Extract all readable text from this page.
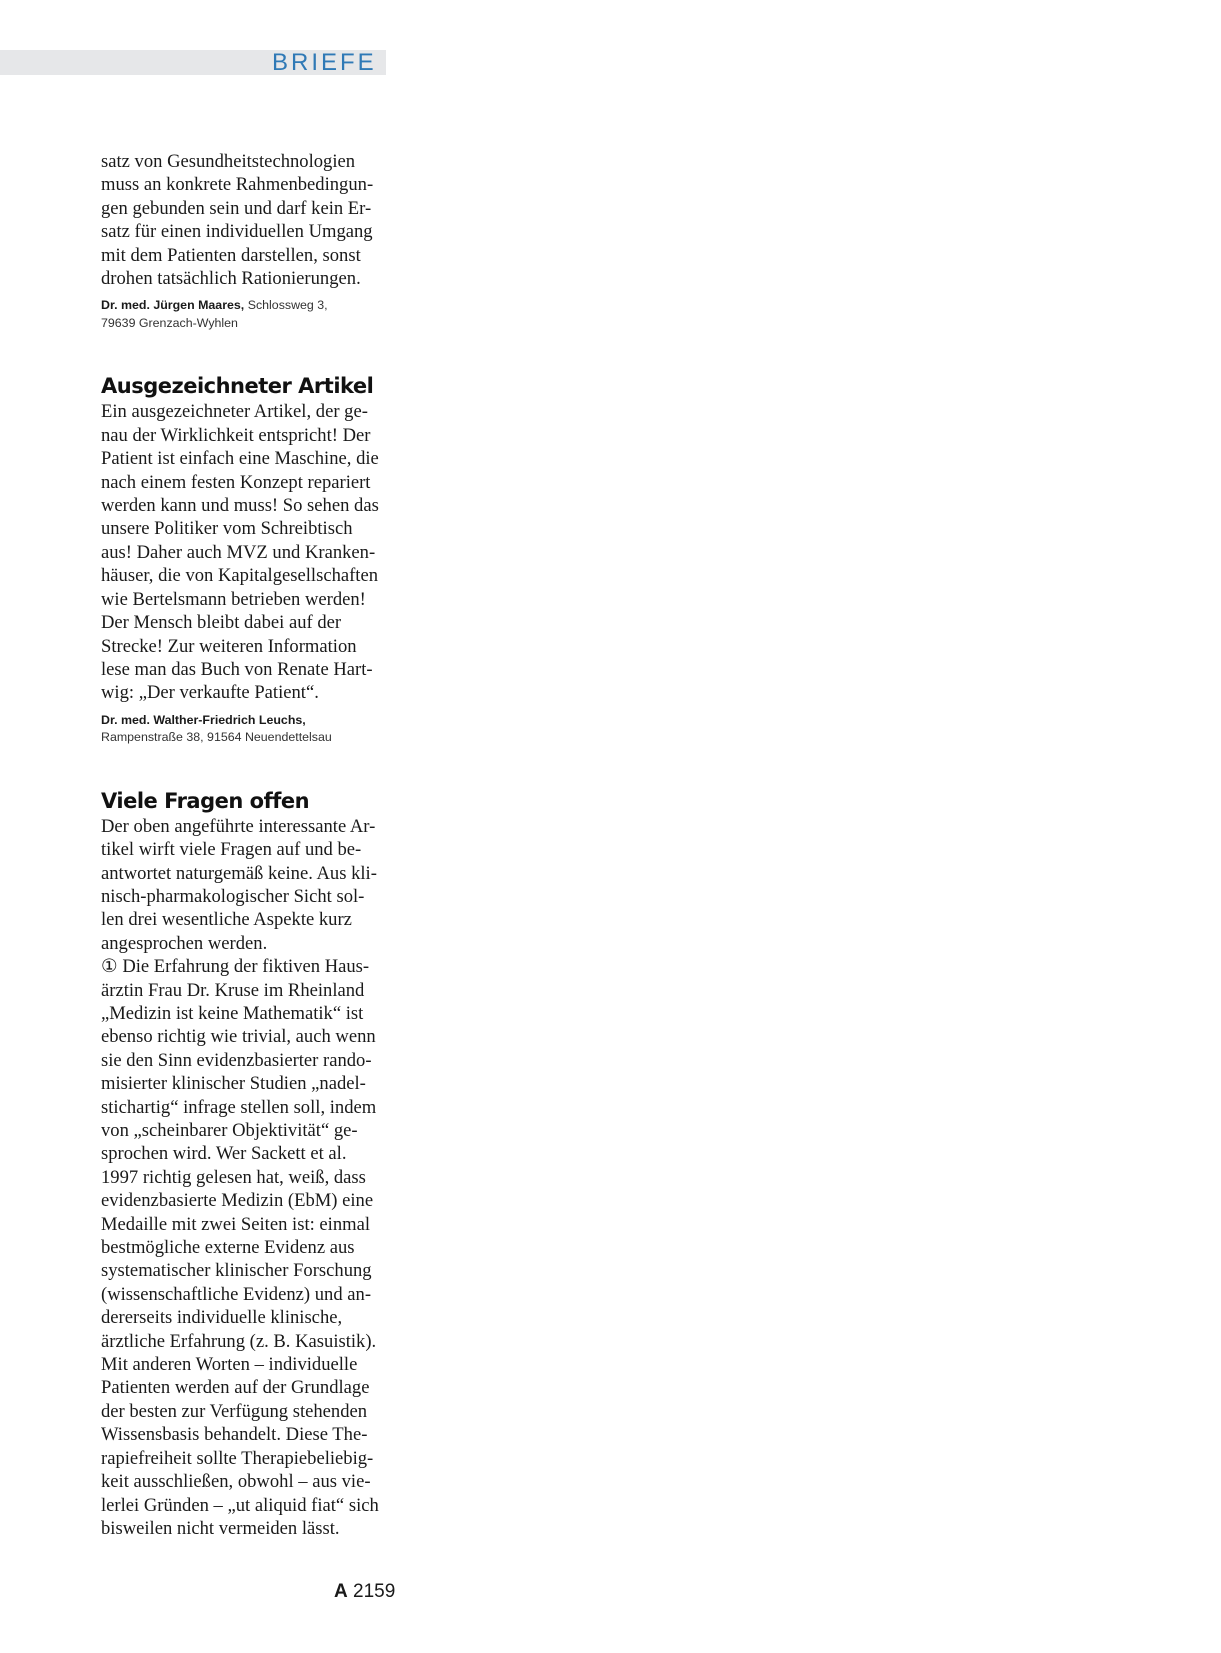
BRIEFE
satz von Gesundheitstechnologien
muss an konkrete Rahmenbedingun-
gen gebunden sein und darf kein Er-
satz für einen individuellen Umgang
mit dem Patienten darstellen, sonst
drohen tatsächlich Rationierungen.
Dr. med. Jürgen Maares, Schlossweg 3,
79639 Grenzach-Wyhlen
Ausgezeichneter Artikel
Ein ausgezeichneter Artikel, der ge-
nau der Wirklichkeit entspricht! Der
Patient ist einfach eine Maschine, die
nach einem festen Konzept repariert
werden kann und muss! So sehen das
unsere Politiker vom Schreibtisch
aus! Daher auch MVZ und Kranken-
häuser, die von Kapitalgesellschaften
wie Bertelsmann betrieben werden!
Der Mensch bleibt dabei auf der
Strecke! Zur weiteren Information
lese man das Buch von Renate Hart-
wig: „Der verkaufte Patient“.
Dr. med. Walther-Friedrich Leuchs,
Rampenstraße 38, 91564 Neuendettelsau
Viele Fragen offen
Der oben angeführte interessante Ar-
tikel wirft viele Fragen auf und be-
antwortet naturgemäß keine. Aus kli-
nisch-pharmakologischer Sicht sol-
len drei wesentliche Aspekte kurz
angesprochen werden.
① Die Erfahrung der fiktiven Haus-
ärztin Frau Dr. Kruse im Rheinland
„Medizin ist keine Mathematik“ ist
ebenso richtig wie trivial, auch wenn
sie den Sinn evidenzbasierter rando-
misierter klinischer Studien „nadel-
stichartig“ infrage stellen soll, indem
von „scheinbarer Objektivität“ ge-
sprochen wird. Wer Sackett et al.
1997 richtig gelesen hat, weiß, dass
evidenzbasierte Medizin (EbM) eine
Medaille mit zwei Seiten ist: einmal
bestmögliche externe Evidenz aus
systematischer klinischer Forschung
(wissenschaftliche Evidenz) und an-
dererseits individuelle klinische,
ärztliche Erfahrung (z. B. Kasuistik).
Mit anderen Worten – individuelle
Patienten werden auf der Grundlage
der besten zur Verfügung stehenden
Wissensbasis behandelt. Diese The-
rapiefreiheit sollte Therapiebeliebig-
keit ausschließen, obwohl – aus vie-
lerlei Gründen – „ut aliquid fiat“ sich
bisweilen nicht vermeiden lässt.
A 2159
